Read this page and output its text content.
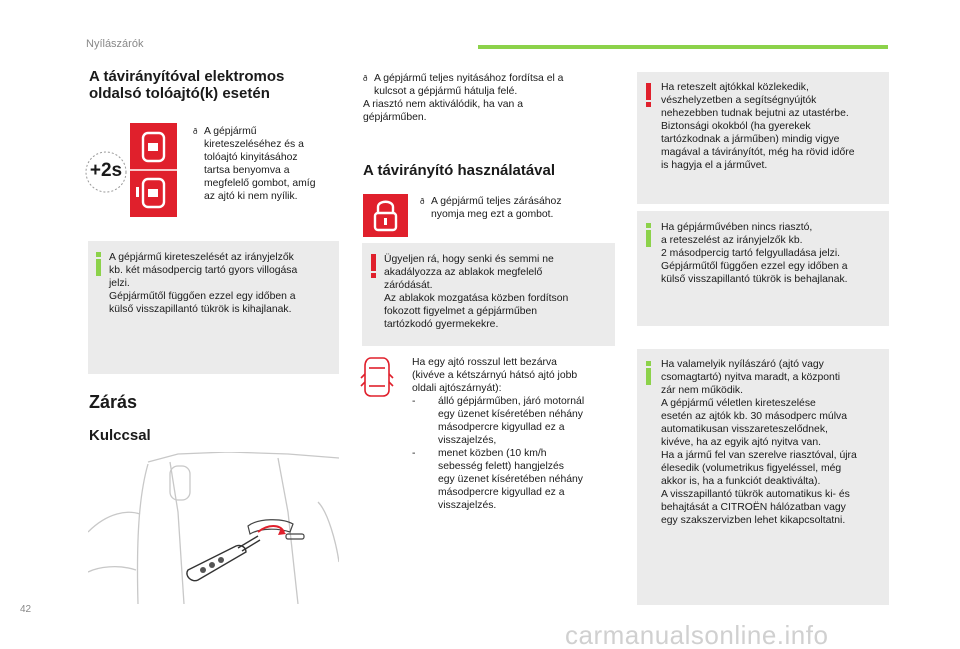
Nyílászárók
A távirányítóval elektromos
oldalsó tolóajtó(k) esetén
+2s
ð A gépjármű
kireteszeléséhez és a
tolóajtó kinyitásához
tartsa benyomva a
megfelelő gombot, amíg
az ajtó ki nem nyílik.
A gépjármű kireteszelését az irányjelzők
kb. két másodpercig tartó gyors villogása
jelzi.
Gépjárműtől függően ezzel egy időben a
külső visszapillantó tükrök is kihajlanak.
Zárás
Kulccsal
ð A gépjármű teljes nyitásához fordítsa el a
kulcsot a gépjármű hátulja felé.
A riasztó nem aktiválódik, ha van a
gépjárműben.
A távirányító használatával
ð A gépjármű teljes zárásához
nyomja meg ezt a gombot.
Ügyeljen rá, hogy senki és semmi ne
akadályozza az ablakok megfelelő
záródását.
Az ablakok mozgatása közben fordítson
fokozott figyelmet a gépjárműben
tartózkodó gyermekekre.
Ha egy ajtó rosszul lett bezárva
(kivéve a kétszárnyú hátsó ajtó jobb
oldali ajtószárnyát):
- álló gépjárműben, járó motornál
egy üzenet kíséretében néhány
másodpercre kigyullad ez a
visszajelzés,
- menet közben (10 km/h
sebesség felett) hangjelzés
egy üzenet kíséretében néhány
másodpercre kigyullad ez a
visszajelzés.
Ha reteszelt ajtókkal közlekedik,
vészhelyzetben a segítségnyújtók
nehezebben tudnak bejutni az utastérbe.
Biztonsági okokból (ha gyerekek
tartózkodnak a járműben) mindig vigye
magával a távirányítót, még ha rövid időre
is hagyja el a járművet.
Ha gépjárművében nincs riasztó,
a reteszelést az irányjelzők kb.
2 másodpercig tartó felgyulladása jelzi.
Gépjárműtől függően ezzel egy időben a
külső visszapillantó tükrök is behajlanak.
Ha valamelyik nyílászáró (ajtó vagy
csomagtartó) nyitva maradt, a központi
zár nem működik.
A gépjármű véletlen kireteszelése
esetén az ajtók kb. 30 másodperc múlva
automatikusan visszareteszelődnek,
kivéve, ha az egyik ajtó nyitva van.
Ha a jármű fel van szerelve riasztóval, újra
élesedik (volumetrikus figyeléssel, még
akkor is, ha a funkciót deaktiválta).
A visszapillantó tükrök automatikus ki- és
behajtását a CITROËN hálózatban vagy
egy szakszervizben lehet kikapcsoltatni.
42
carmanualsonline.info
